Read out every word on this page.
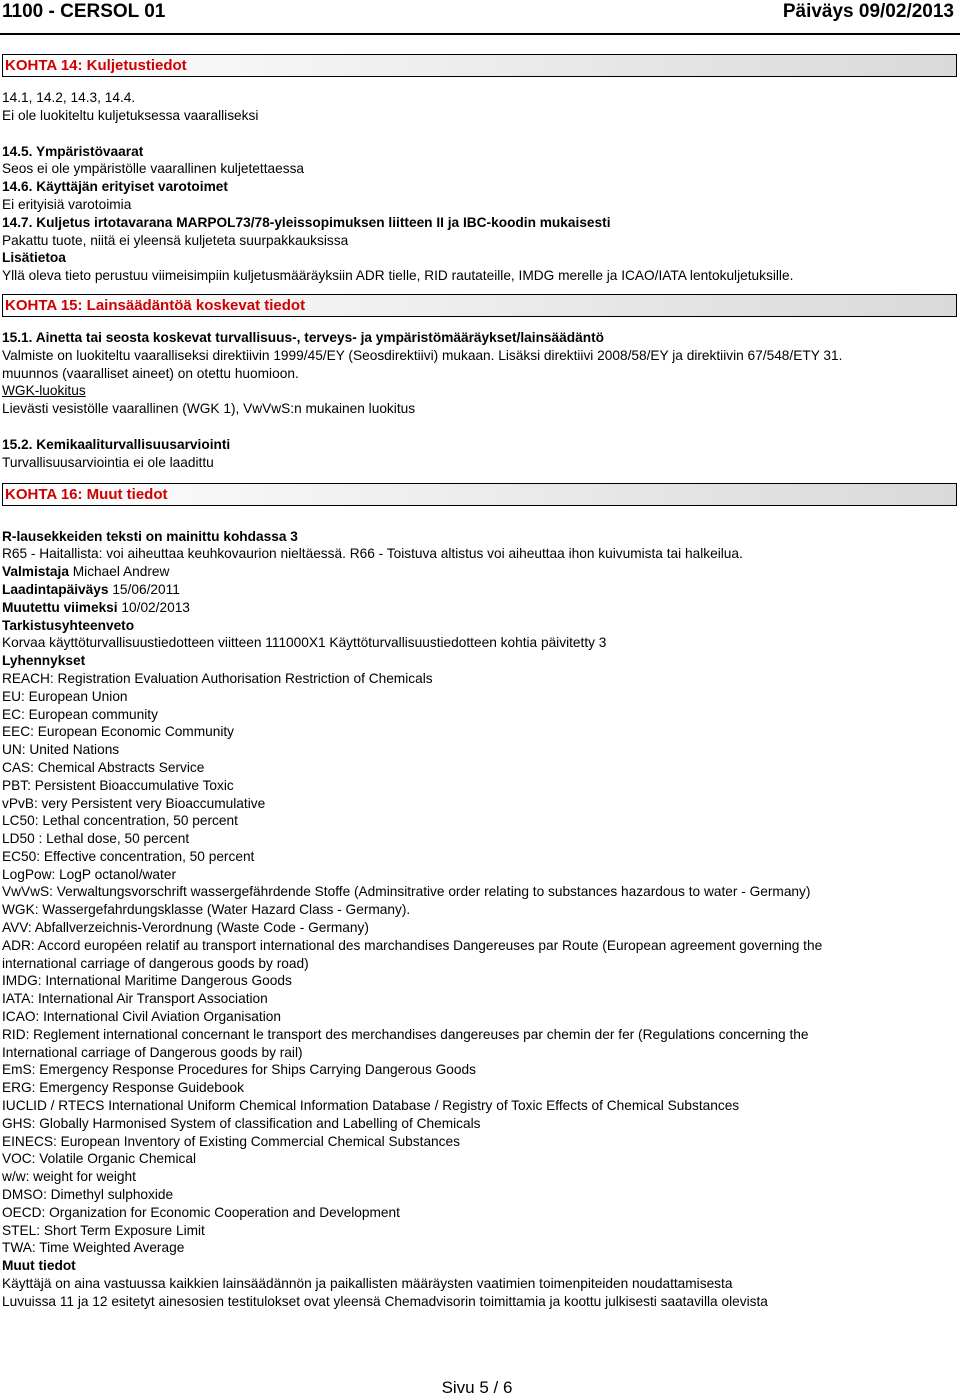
1100 - CERSOL 01	Päiväys 09/02/2013
KOHTA 14: Kuljetustiedot
14.1, 14.2, 14.3, 14.4.
Ei ole luokiteltu kuljetuksessa vaaralliseksi
14.5. Ympäristövaarat
Seos ei ole ympäristölle vaarallinen kuljetettaessa
14.6. Käyttäjän erityiset varotoimet
Ei erityisiä varotoimia
14.7. Kuljetus irtotavarana MARPOL73/78-yleissopimuksen liitteen II ja IBC-koodin mukaisesti
Pakattu tuote, niitä ei yleensä kuljeteta suurpakkauksissa
Lisätietoa
Yllä oleva tieto perustuu viimeisimpiin kuljetusmääräyksiin ADR tielle, RID rautateille, IMDG merelle ja ICAO/IATA lentokuljetuksille.
KOHTA 15: Lainsäädäntöä koskevat tiedot
15.1. Ainetta tai seosta koskevat turvallisuus-, terveys- ja ympäristömääräykset/lainsäädäntö
Valmiste on luokiteltu vaaralliseksi direktiivin 1999/45/EY (Seosdirektiivi) mukaan. Lisäksi direktiivi 2008/58/EY ja direktiivin 67/548/ETY 31.
muunnos (vaaralliset aineet) on otettu huomioon.
WGK-luokitus
Lievästi vesistölle vaarallinen (WGK 1), VwVwS:n mukainen luokitus
15.2. Kemikaaliturvallisuusarviointi
Turvallisuusarviointia ei ole laadittu
KOHTA 16: Muut tiedot
R-lausekkeiden teksti on mainittu kohdassa 3
R65 - Haitallista: voi aiheuttaa keuhkovaurion nieltäessä. R66 - Toistuva altistus voi aiheuttaa ihon kuivumista tai halkeilua.
Valmistaja Michael Andrew
Laadintapäiväys 15/06/2011
Muutettu viimeksi 10/02/2013
Tarkistusyhteenveto
Korvaa käyttöturvallisuustiedotteen viitteen 111000X1 Käyttöturvallisuustiedotteen kohtia päivitetty 3
Lyhennykset
REACH: Registration Evaluation Authorisation Restriction of Chemicals
EU: European Union
EC: European community
EEC: European Economic Community
UN: United Nations
CAS: Chemical Abstracts Service
PBT: Persistent Bioaccumulative Toxic
vPvB: very Persistent very Bioaccumulative
LC50: Lethal concentration, 50 percent
LD50 : Lethal dose, 50 percent
EC50: Effective concentration, 50 percent
LogPow: LogP octanol/water
VwVwS: Verwaltungsvorschrift wassergefährdende Stoffe (Adminsitrative order relating to substances hazardous to water - Germany)
WGK: Wassergefahrdungsklasse (Water Hazard Class - Germany).
AVV: Abfallverzeichnis-Verordnung (Waste Code - Germany)
ADR: Accord européen relatif au transport international des marchandises Dangereuses par Route (European agreement governing the
international carriage of dangerous goods by road)
IMDG: International Maritime Dangerous Goods
IATA: International Air Transport Association
ICAO: International Civil Aviation Organisation
RID: Reglement international concernant le transport des merchandises dangereuses par chemin der fer (Regulations concerning the
International carriage of Dangerous goods by rail)
EmS: Emergency Response Procedures for Ships Carrying Dangerous Goods
ERG: Emergency Response Guidebook
IUCLID / RTECS International Uniform Chemical Information Database / Registry of Toxic Effects of Chemical Substances
GHS: Globally Harmonised System of classification and Labelling of Chemicals
EINECS: European Inventory of Existing Commercial Chemical Substances
VOC: Volatile Organic Chemical
w/w: weight for weight
DMSO: Dimethyl sulphoxide
OECD: Organization for Economic Cooperation and Development
STEL: Short Term Exposure Limit
TWA: Time Weighted Average
Muut tiedot
Käyttäjä on aina vastuussa kaikkien lainsäädännön ja paikallisten määräysten vaatimien toimenpiteiden noudattamisesta
Luvuissa 11 ja 12 esitetyt ainesosien testitulokset ovat yleensä Chemadvisorin toimittamia ja koottu julkisesti saatavilla olevista
Sivu 5 / 6
